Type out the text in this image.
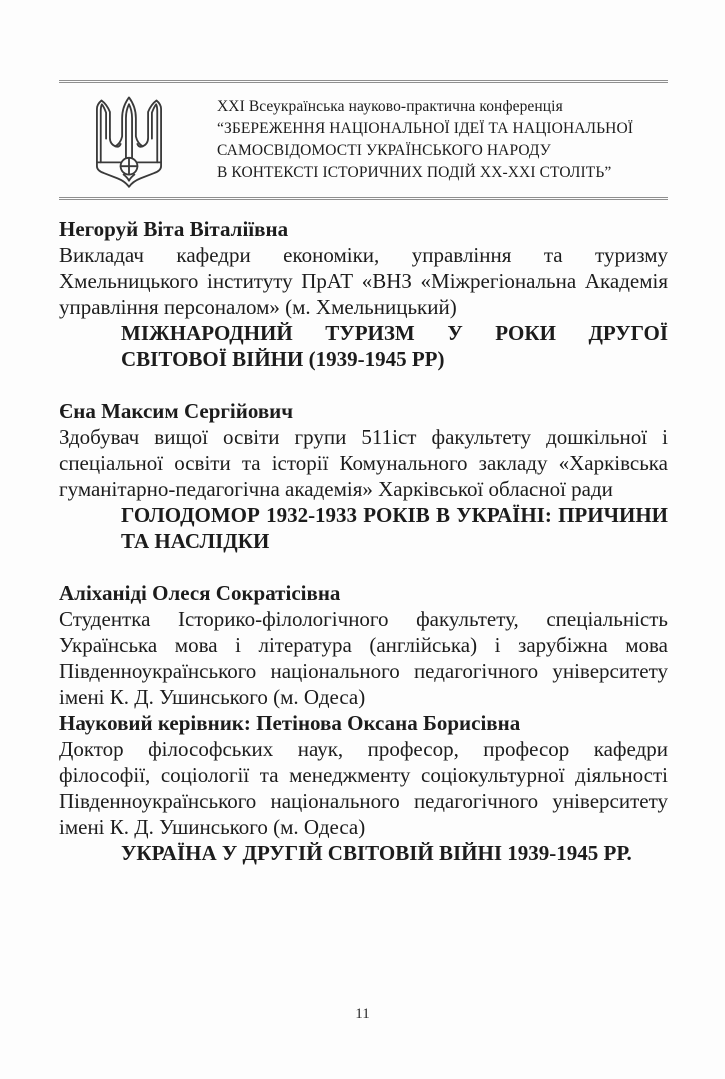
XXI Всеукраїнська науково-практична конференція
“ЗБЕРЕЖЕННЯ НАЦІОНАЛЬНОЇ ІДЕЇ ТА НАЦІОНАЛЬНОЇ
САМОСВІДОМОСТІ УКРАЇНСЬКОГО НАРОДУ
В КОНТЕКСТІ ІСТОРИЧНИХ ПОДІЙ ХХ-ХХІ СТОЛІТЬ”

Негоруй Віта Віталіївна

Викладач кафедри економіки, управління та туризму Хмельницького інституту ПрАТ «ВНЗ «Міжрегіональна Академія управління персоналом» (м. Хмельницький)

МІЖНАРОДНИЙ ТУРИЗМ У РОКИ ДРУГОЇ СВІТОВОЇ ВІЙНИ (1939-1945 РР)

Єна Максим Сергійович

Здобувач вищої освіти групи 511іст факультету дошкільної і спеціальної освіти та історії Комунального закладу «Харківська гуманітарно-педагогічна академія» Харківської обласної ради

ГОЛОДОМОР 1932-1933 РОКІВ В УКРАЇНІ: ПРИЧИНИ ТА НАСЛІДКИ

Аліханіді Олеся Сократісівна

Студентка Історико-філологічного факультету, спеціальність Українська мова і література (англійська) і зарубіжна мова Південноукраїнського національного педагогічного університету імені К. Д. Ушинського (м. Одеса)

Науковий керівник: Петінова Оксана Борисівна

Доктор філософських наук, професор, професор кафедри філософії, соціології та менеджменту соціокультурної діяльності Південноукраїнського національного педагогічного університету імені К. Д. Ушинського (м. Одеса)

УКРАЇНА У ДРУГІЙ СВІТОВІЙ ВІЙНІ 1939-1945 РР.

11
